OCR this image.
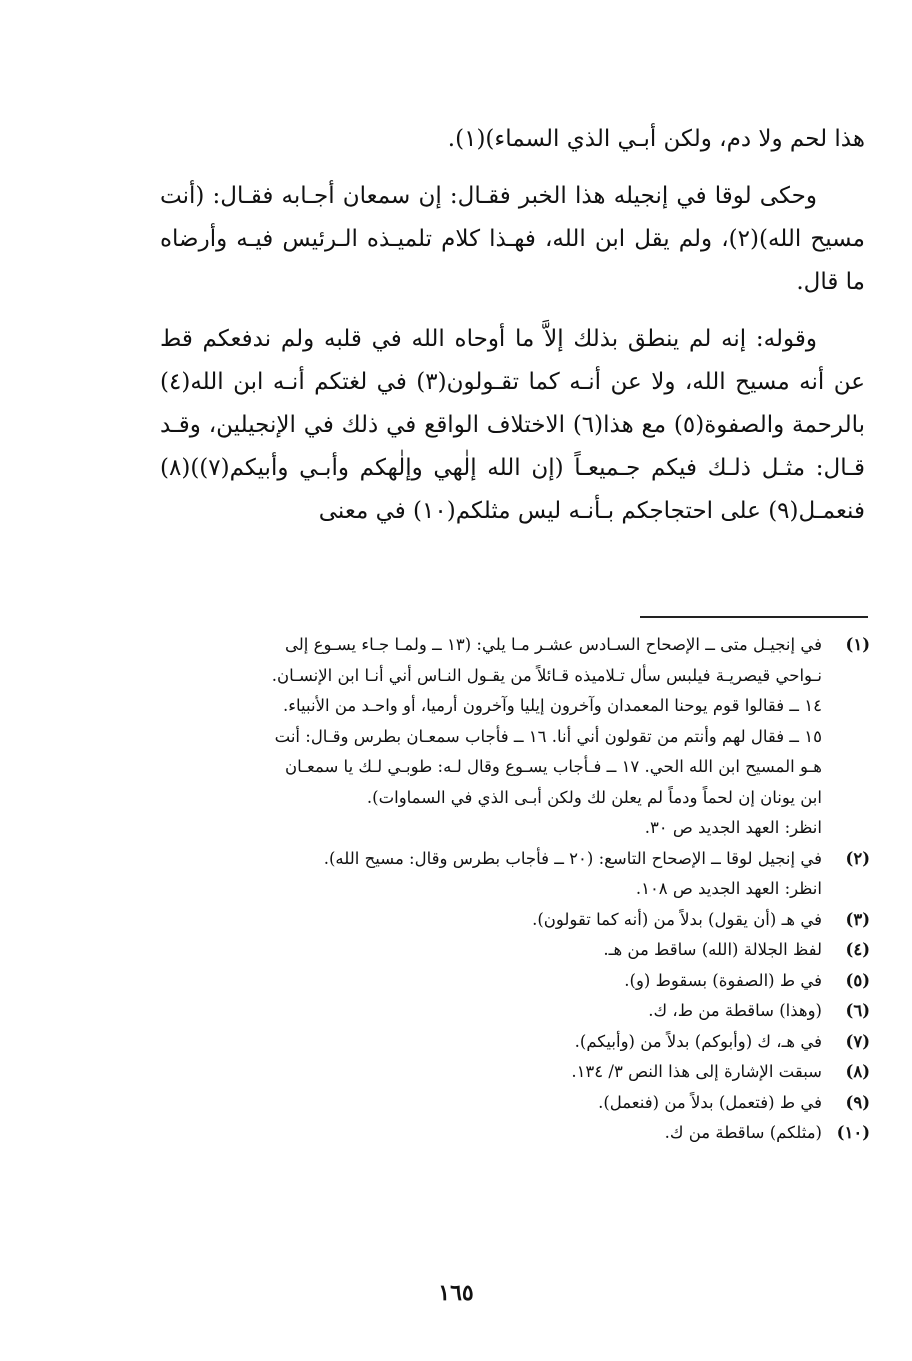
هذا لحم ولا دم، ولكن أبـي الذي السماء)(١).

وحكى لوقا في إنجيله هذا الخبر فقـال: إن سمعان أجـابه فقـال: (أنت مسيح الله)(٢)، ولم يقل ابن الله، فهـذا كلام تلميـذه الـرئيس فيـه وأرضاه ما قال.

وقوله: إنه لم ينطق بذلك إلاَّ ما أوحاه الله في قلبه ولم ندفعكم قط عن أنه مسيح الله، ولا عن أنـه كما تقـولون(٣) في لغتكم أنـه ابن الله(٤) بالرحمة والصفوة(٥) مع هذا(٦) الاختلاف الواقع في ذلك في الإنجيلين، وقـد قـال: مثـل ذلـك فيكم جـميعـاً (إن الله إلٰهي وإلٰهكم وأبـي وأبيكم(٧))(٨) فنعمـل(٩) على احتجاجكم بـأنـه ليس مثلكم(١٠) في معنى

(١)
في إنجيـل متى ــ الإصحاح السـادس عشـر مـا يلي: (١٣ ــ ولمـا جـاء يسـوع إلى
نـواحي قيصريـة فيلبس سأل تـلاميذه قـائلاً من يقـول النـاس أني أنـا ابن الإنسـان.
١٤ ــ فقالوا قوم يوحنا المعمدان وآخرون إيليا وآخرون أرميا، أو واحـد من الأنبياء.
١٥ ــ فقال لهم وأنتم من تقولون أني أنا. ١٦ ــ فأجاب سمعـان بطرس وقـال: أنت
هـو المسيح ابن الله الحي. ١٧ ــ فـأجاب يسـوع وقال لـه: طوبـي لـك يا سمعـان
ابن يونان إن لحماً ودماً لم يعلن لك ولكن أبـى الذي في السماوات).
انظر: العهد الجديد ص ٣٠.
(٢)
في إنجيل لوقا ــ الإصحاح التاسع: (٢٠ ــ فأجاب بطرس وقال: مسيح الله).
انظر: العهد الجديد ص ١٠٨.
(٣)
في هـ (أن يقول) بدلاً من (أنه كما تقولون).
(٤)
لفظ الجلالة (الله) ساقط من هـ.
(٥)
في ط (الصفوة) بسقوط (و).
(٦)
(وهذا) ساقطة من ط، ك.
(٧)
في هـ، ك (وأبوكم) بدلاً من (وأبيكم).
(٨)
سبقت الإشارة إلى هذا النص ٣/ ١٣٤.
(٩)
في ط (فتعمل) بدلاً من (فنعمل).
(١٠)
(مثلكم) ساقطة من ك.
١٦٥
